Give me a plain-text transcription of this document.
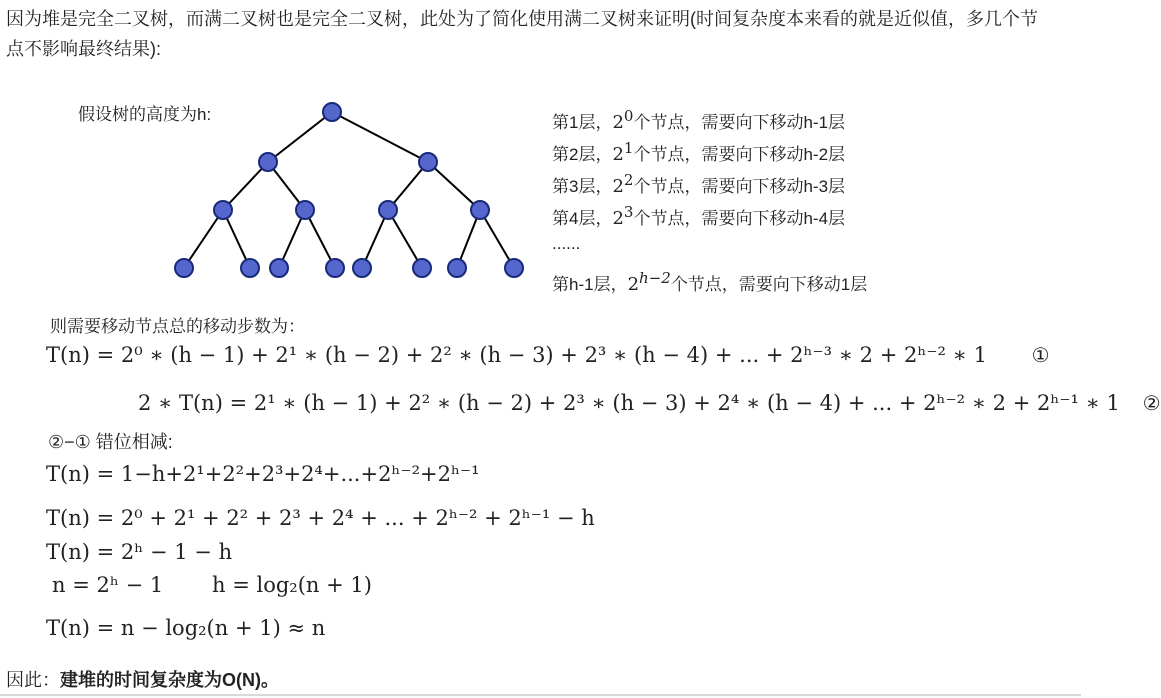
因为堆是完全二叉树，而满二叉树也是完全二叉树，此处为了简化使用满二叉树来证明(时间复杂度本来看的就是近似值，多几个节点不影响最终结果):
假设树的高度为h:	第1层，$2^0$个节点，需要向下移动h-1层
第2层，$2^1$个节点，需要向下移动h-2层
第3层，$2^2$个节点，需要向下移动h-3层
第4层，$2^3$个节点，需要向下移动h-4层
......
第h-1层，$2^{h-2}$个节点，需要向下移动1层
则需要移动节点总的移动步数为：
T(n) = 2⁰ ∗ (h − 1) + 2¹ ∗ (h − 2) + 2² ∗ (h − 3) + 2³ ∗ (h − 4) + ... + 2ʰ⁻³ ∗ 2 + 2ʰ⁻² ∗ 1 ①
2 ∗ T(n) = 2¹ ∗ (h − 1) + 2² ∗ (h − 2) + 2³ ∗ (h − 3) + 2⁴ ∗ (h − 4) + ... + 2ʰ⁻² ∗ 2 + 2ʰ⁻¹ ∗ 1 ②
②−① 错位相减:
T(n) = 1−h+2¹+2²+2³+2⁴+...+2ʰ⁻²+2ʰ⁻¹
T(n) = 2⁰ + 2¹ + 2² + 2³ + 2⁴ + ... + 2ʰ⁻² + 2ʰ⁻¹ − h
T(n) = 2ʰ − 1 − h
n = 2ʰ − 1 h = log₂(n + 1)
T(n) = n − log₂(n + 1) ≈ n
因此：建堆的时间复杂度为O(N)。
